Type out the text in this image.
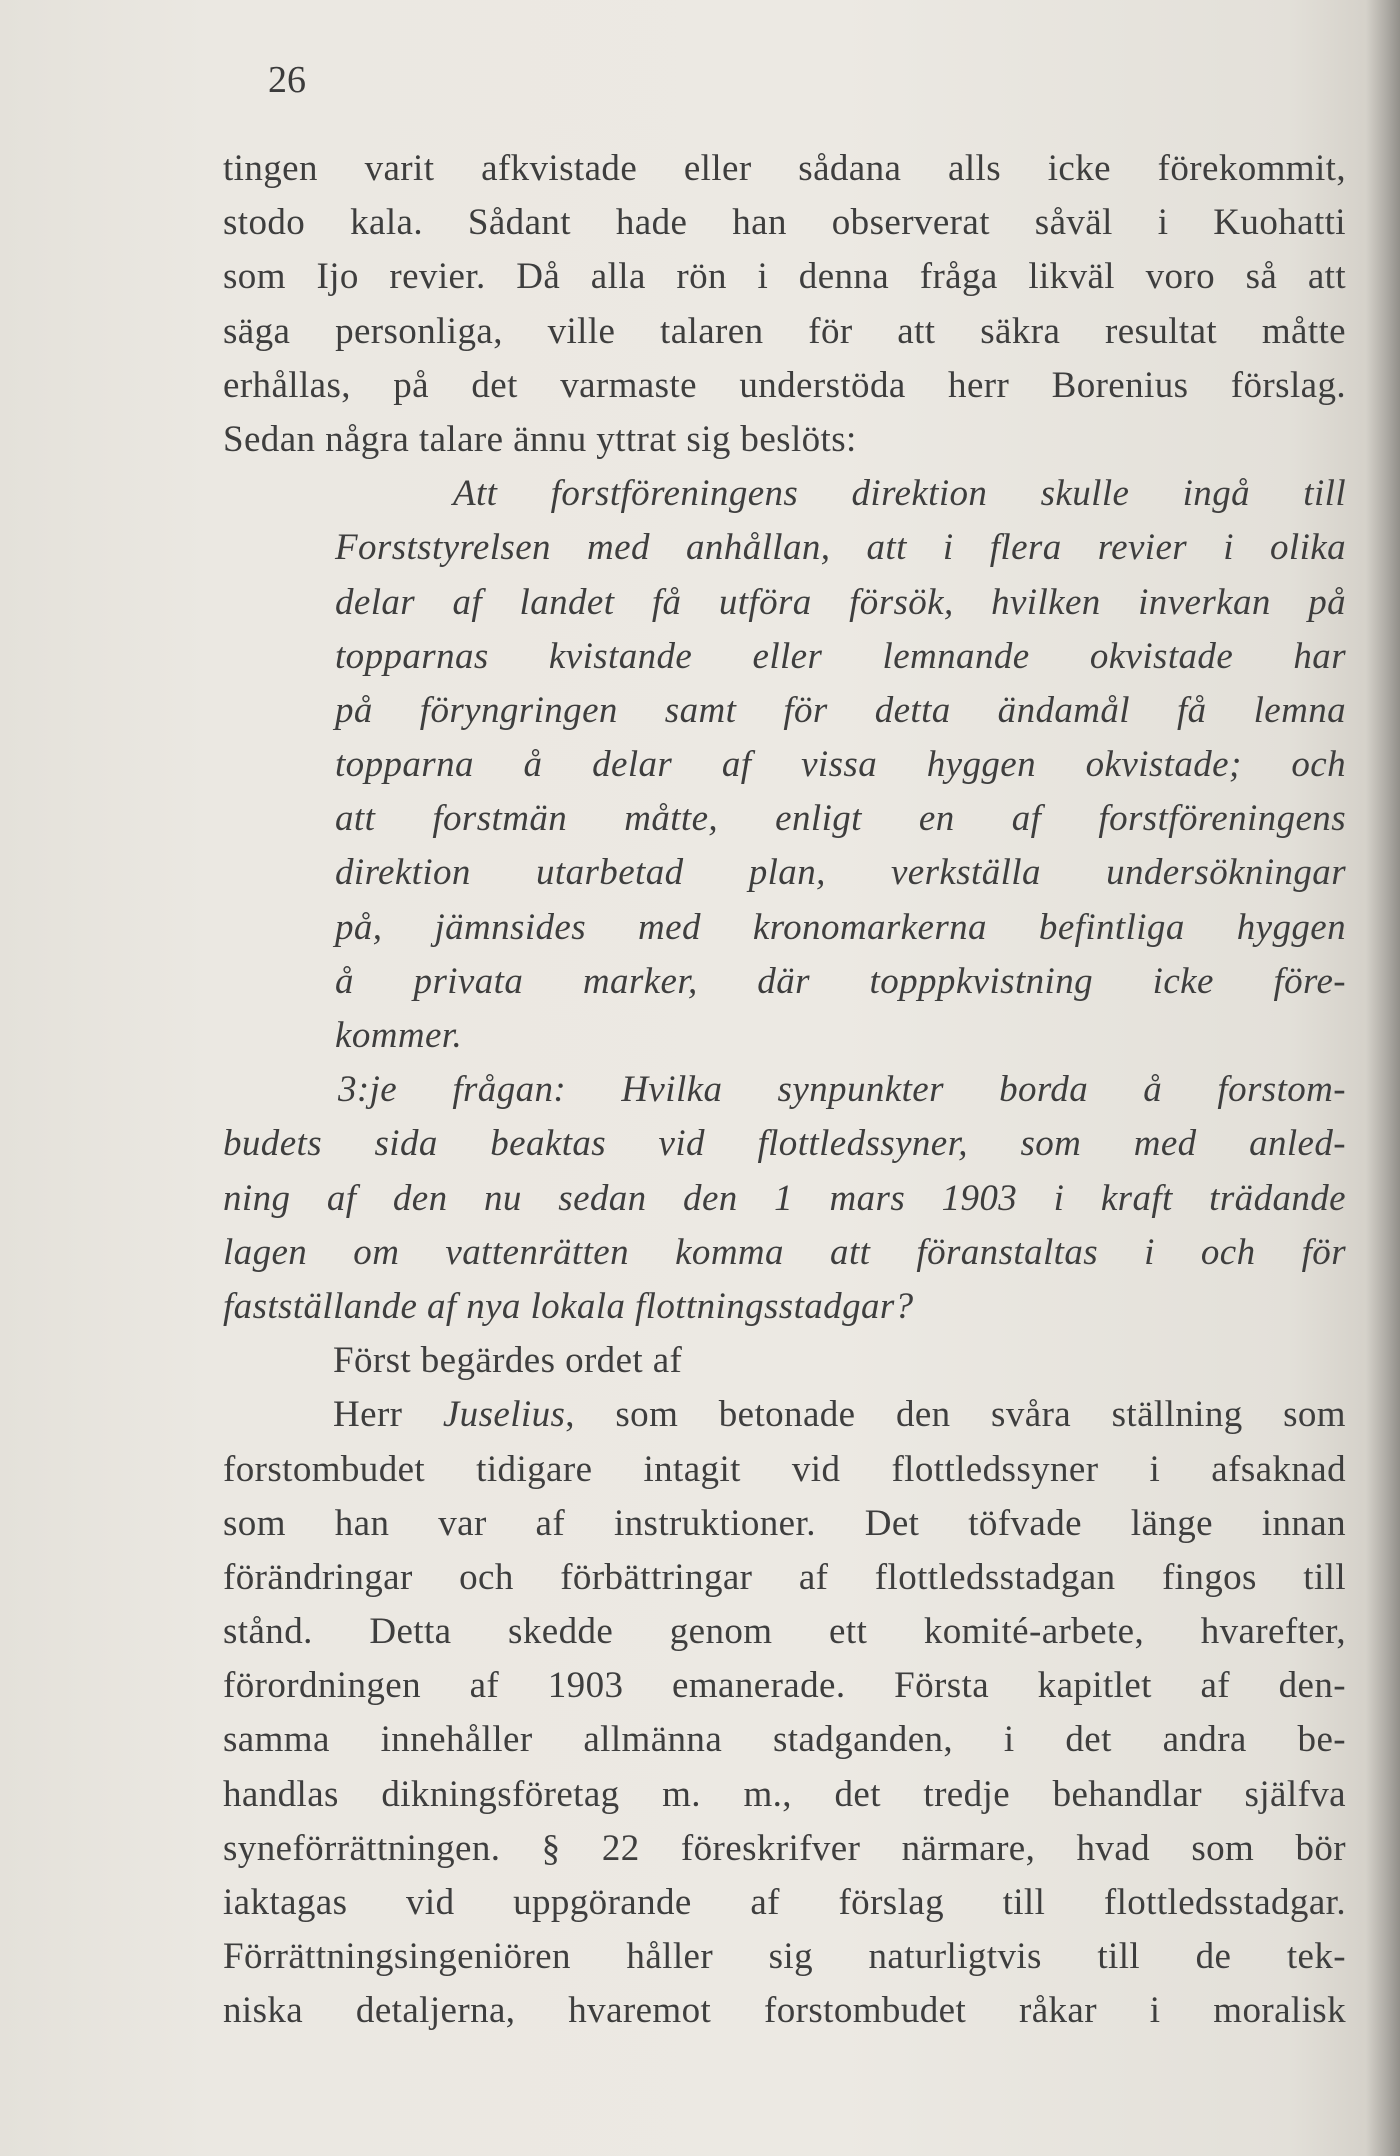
26
tingen varit afkvistade eller sådana alls icke förekommit,
stodo kala. Sådant hade han observerat såväl i Kuohatti
som Ijo revier. Då alla rön i denna fråga likväl voro så att
säga personliga, ville talaren för att säkra resultat måtte
erhållas, på det varmaste understöda herr Borenius förslag.
Sedan några talare ännu yttrat sig beslöts:
Att forstföreningens direktion skulle ingå till
Forststyrelsen med anhållan, att i flera revier i olika
delar af landet få utföra försök, hvilken inverkan på
topparnas kvistande eller lemnande okvistade har
på föryngringen samt för detta ändamål få lemna
topparna å delar af vissa hyggen okvistade; och
att forstmän måtte, enligt en af forstföreningens
direktion utarbetad plan, verkställa undersökningar
på, jämnsides med kronomarkerna befintliga hyggen
å privata marker, där topppkvistning icke före-
kommer.
3:je frågan: Hvilka synpunkter borda å forstom-
budets sida beaktas vid flottledssyner, som med anled-
ning af den nu sedan den 1 mars 1903 i kraft trädande
lagen om vattenrätten komma att föranstaltas i och för
fastställande af nya lokala flottningsstadgar?
Först begärdes ordet af
Herr Juselius, som betonade den svåra ställning som
forstombudet tidigare intagit vid flottledssyner i afsaknad
som han var af instruktioner. Det töfvade länge innan
förändringar och förbättringar af flottledsstadgan fingos till
stånd. Detta skedde genom ett komité-arbete, hvarefter,
förordningen af 1903 emanerade. Första kapitlet af den-
samma innehåller allmänna stadganden, i det andra be-
handlas dikningsföretag m. m., det tredje behandlar själfva
syneförrättningen. § 22 föreskrifver närmare, hvad som bör
iaktagas vid uppgörande af förslag till flottledsstadgar.
Förrättningsingeniören håller sig naturligtvis till de tek-
niska detaljerna, hvaremot forstombudet råkar i moralisk
